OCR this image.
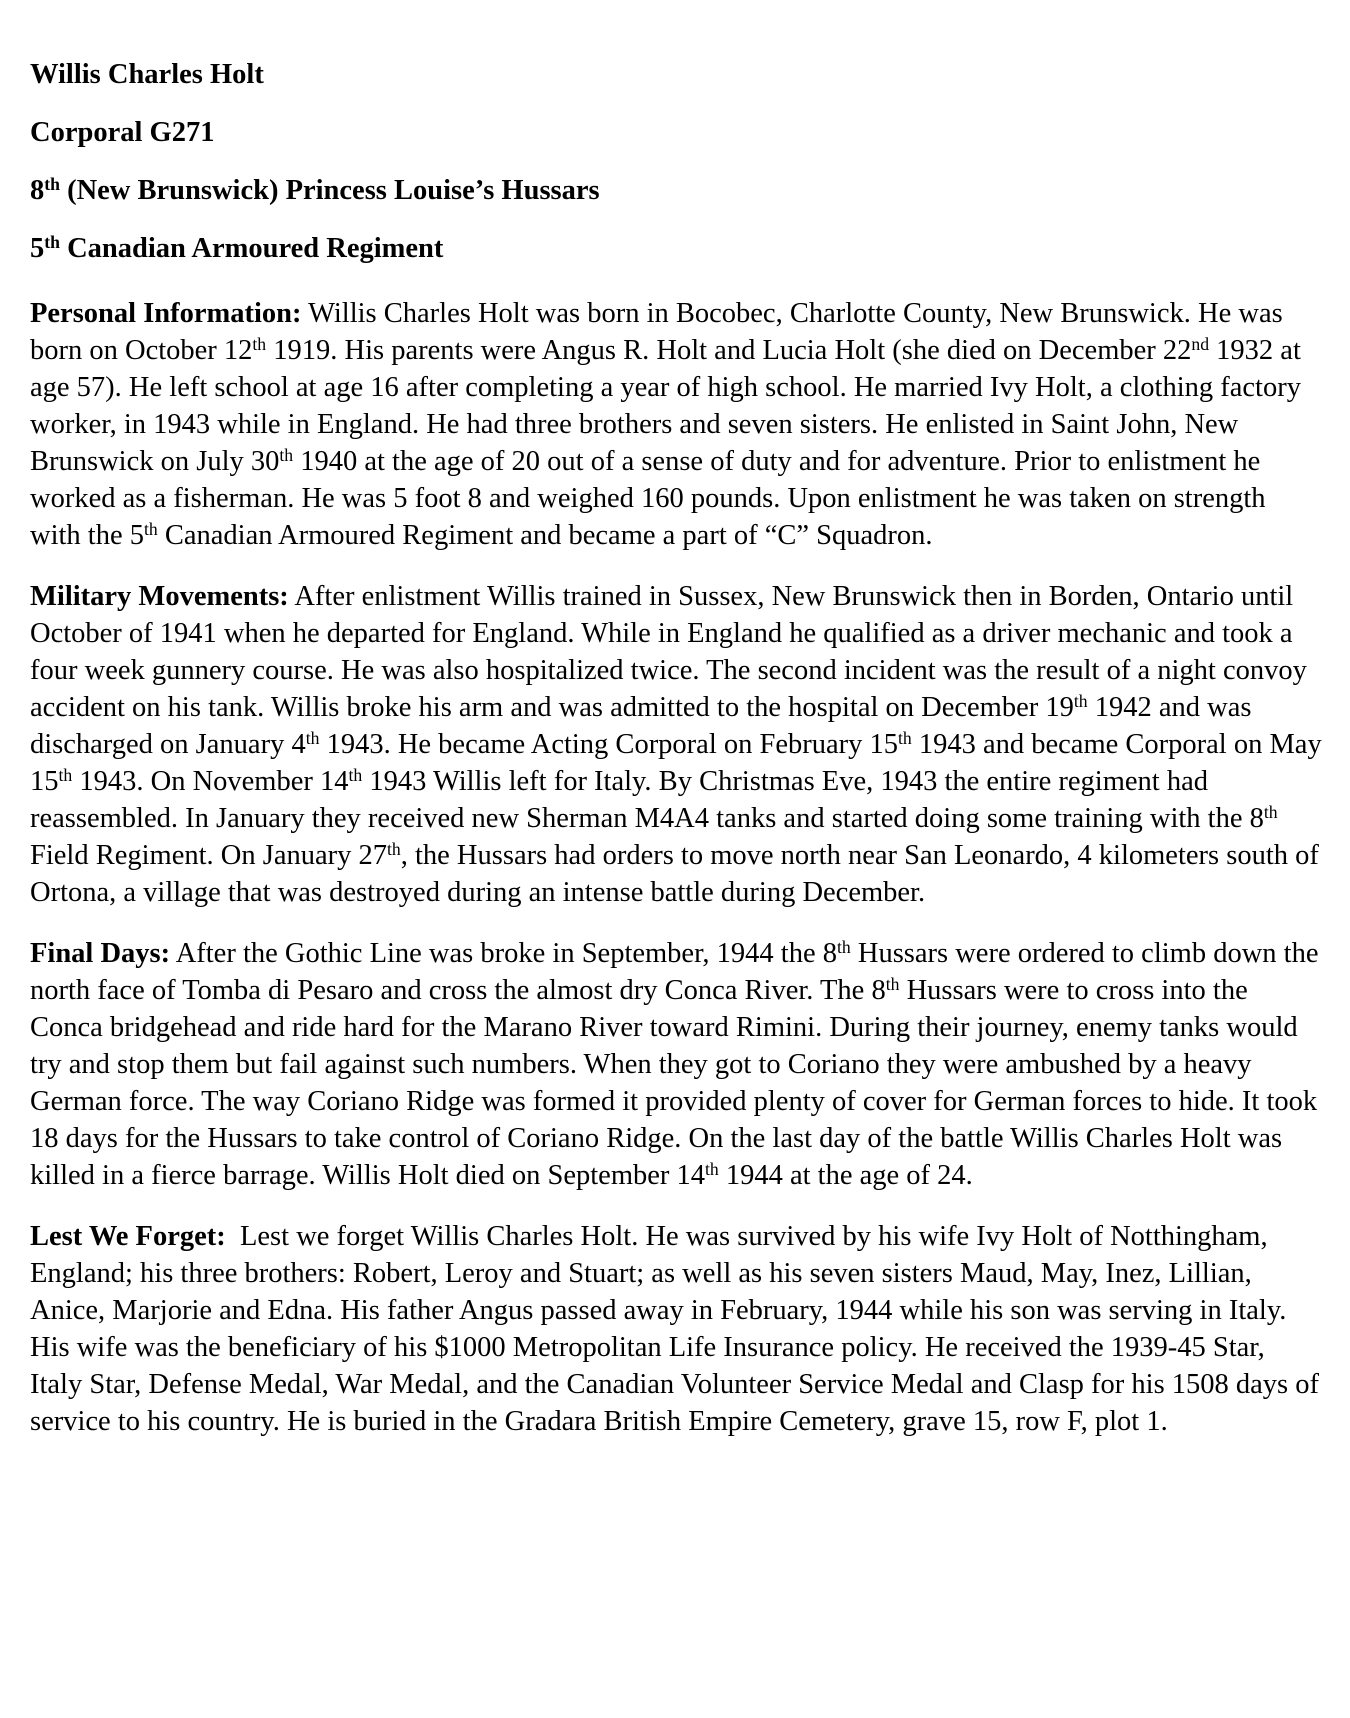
Willis Charles Holt

Corporal G271

8th (New Brunswick) Princess Louise’s Hussars

5th Canadian Armoured Regiment

Personal Information: Willis Charles Holt was born in Bocobec, Charlotte County, New Brunswick. He was born on October 12th 1919. His parents were Angus R. Holt and Lucia Holt (she died on December 22nd 1932 at age 57). He left school at age 16 after completing a year of high school. He married Ivy Holt, a clothing factory worker, in 1943 while in England. He had three brothers and seven sisters. He enlisted in Saint John, New Brunswick on July 30th 1940 at the age of 20 out of a sense of duty and for adventure. Prior to enlistment he worked as a fisherman. He was 5 foot 8 and weighed 160 pounds. Upon enlistment he was taken on strength with the 5th Canadian Armoured Regiment and became a part of “C” Squadron.

Military Movements: After enlistment Willis trained in Sussex, New Brunswick then in Borden, Ontario until October of 1941 when he departed for England. While in England he qualified as a driver mechanic and took a four week gunnery course. He was also hospitalized twice. The second incident was the result of a night convoy accident on his tank. Willis broke his arm and was admitted to the hospital on December 19th 1942 and was discharged on January 4th 1943. He became Acting Corporal on February 15th 1943 and became Corporal on May 15th 1943. On November 14th 1943 Willis left for Italy. By Christmas Eve, 1943 the entire regiment had reassembled. In January they received new Sherman M4A4 tanks and started doing some training with the 8th Field Regiment. On January 27th, the Hussars had orders to move north near San Leonardo, 4 kilometers south of Ortona, a village that was destroyed during an intense battle during December.

Final Days: After the Gothic Line was broke in September, 1944 the 8th Hussars were ordered to climb down the north face of Tomba di Pesaro and cross the almost dry Conca River. The 8th Hussars were to cross into the Conca bridgehead and ride hard for the Marano River toward Rimini. During their journey, enemy tanks would try and stop them but fail against such numbers. When they got to Coriano they were ambushed by a heavy German force. The way Coriano Ridge was formed it provided plenty of cover for German forces to hide. It took 18 days for the Hussars to take control of Coriano Ridge. On the last day of the battle Willis Charles Holt was killed in a fierce barrage. Willis Holt died on September 14th 1944 at the age of 24.

Lest We Forget:  Lest we forget Willis Charles Holt. He was survived by his wife Ivy Holt of Notthingham, England; his three brothers: Robert, Leroy and Stuart; as well as his seven sisters Maud, May, Inez, Lillian, Anice, Marjorie and Edna. His father Angus passed away in February, 1944 while his son was serving in Italy. His wife was the beneficiary of his $1000 Metropolitan Life Insurance policy. He received the 1939-45 Star, Italy Star, Defense Medal, War Medal, and the Canadian Volunteer Service Medal and Clasp for his 1508 days of service to his country. He is buried in the Gradara British Empire Cemetery, grave 15, row F, plot 1.
